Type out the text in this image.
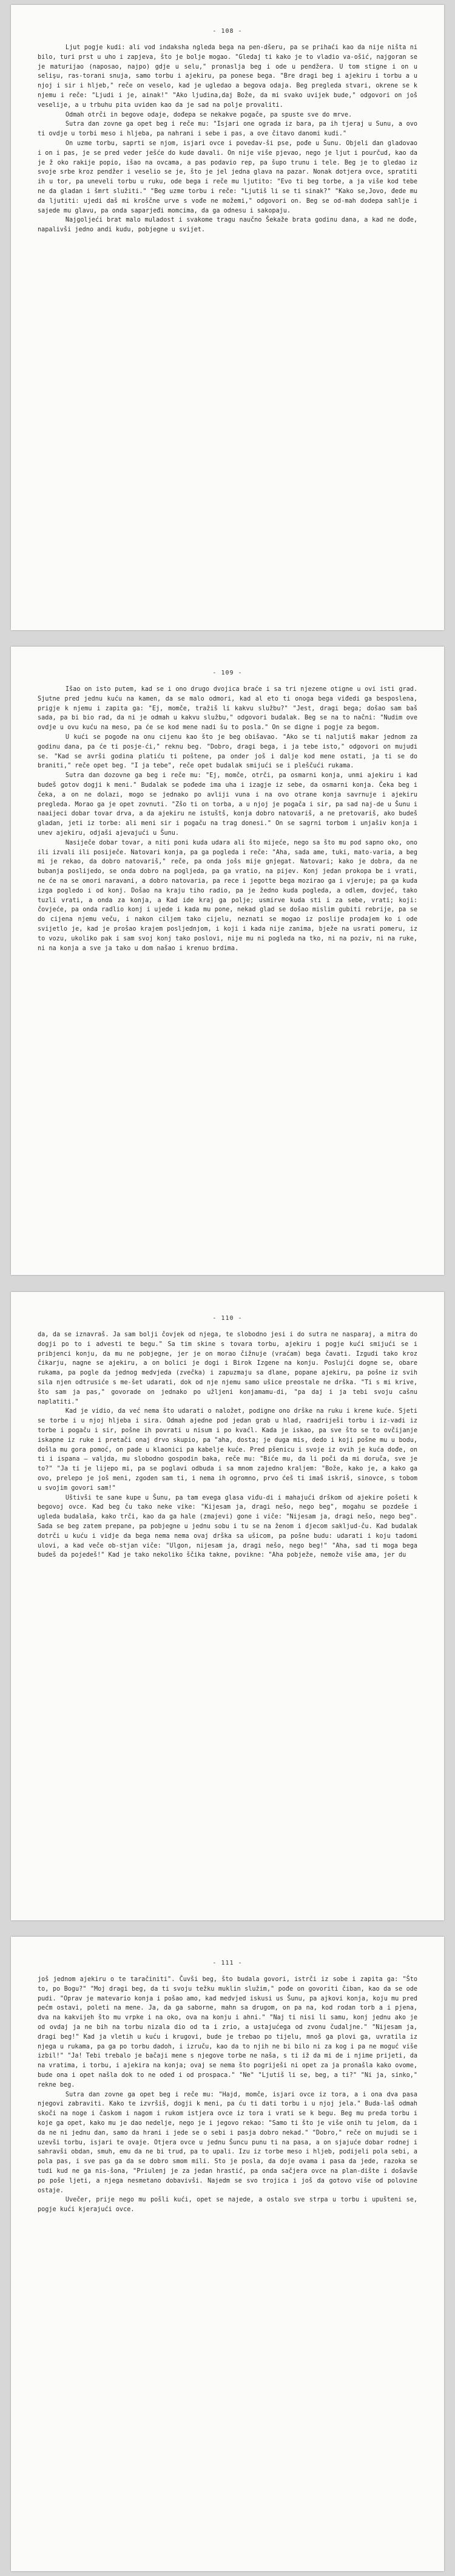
- 108 -

Ljut pogje kudi: ali vod indaksha ngleda bega na pen-dšeru, pa se prihaći kao da nije ništa ni bilo, turi prst u uho i zapjeva, što je bolje mogao. "Gledaj ti kako je to vladio va-ošić, najgoran se je maturijao (naposao, najpo) gdje u selu," pronaslja beg i ode u pendžera. U tom stigne i on u selişu, ras-torani snuja, samo torbu i ajekiru, pa ponese bega. "Bre dragi beg i ajekiru i torbu a u njoj i sir i hljeb," reče on veselo, kad je ugledao a begova odaja. Beg pregleda stvari, okrene se k njemu i reče: "Ljudi i je, ainak!" "Ako ljudina,daj Bože, da mi svako uvijek bude," odgovori on još veselije, a u trbuhu pita uviden kao da je sad na polje provaliti.

Odmah otrči in begove odaje, dođepa se nekakve pogače, pa spuste sve do mrve.

Sutra dan zovne ga opet beg i reče mu: "Isjari one ograda iz bara, pa ih tjeraj u Sunu, a ovo ti ovdje u torbi meso i hljeba, pa nahrani i sebe i pas, a ove čitavo danomi kudi."

On uzme torbu, saprti se njom, isjari ovce i povedav-ši pse, pođe u Šunu. Objeli dan gladovao i on i pas, je se pred veder ješće do kude davali. On nije više pjevao, nego je ljut i pourčud, kao da je ž oko rakije popio, išao na ovcama, a pas podavio rep, pa šupo trunu i tele. Beg je to gledao iz svoje srbe kroz pendžer i veselio se je, što je jel jedna glava na pazar. Nonak dotjera ovce, spratiti ih u tor, pa uneveli torbu u ruku, ode bega i reče mu ljutito: "Evo ti beg torbe, a ja više kod tebe ne da gladan i šmrt služiti." "Beg uzme torbu i reče: "Ljutiš li se ti sinak?" "Kako se,Jovo, đede mu da ljutiti: ujedi daš mi kroščne urve s vođe ne možemi," odgovori on. Beg se od-mah dodepa sahlje i sajede mu glavu, pa onda saparjeđi momcima, da ga odnesu i sakopaju.

Najgoljeći brat malo muladost i svakome tragu naučno Šekaže brata godinu dana, a kad ne dođe, napalivši jedno andi kudu, pobjegne u svijet.

- 109 -

Išao on isto putem, kad se i ono drugo dvojica braće i sa tri njezene otigne u ovi isti grad. Sjutne pred jednu kuću na kamen, da se malo odmori, kad al eto ti onoga bega viđedi ga besposlena, prigje k njemu i zapita ga: "Ej, momče, tražiš li kakvu službu?" "Jest, dragi bega; došao sam baš sada, pa bi bio rad, da ni je odmah u kakvu službu," odgovori budalak. Beg se na to načni: "Nudim ove ovdje u ovu kuću na meso, pa će se kod mene nadi šu to posla." On se digne i pogje za begom.

U kući se pogođe na onu cijenu kao što je beg obišavao. "Ako se ti naljutiš makar jednom za godinu dana, pa će ti posje-ći," reknu beg. "Dobro, dragi bega, i ja tebe isto," odgovori on mujudi se. "Kad se avrši godina platiću ti poštene, pa onder još i dalje kod mene ostati, ja ti se do braniti," reče opet beg. "I ja tebe", reče opet budalak smijući se i pleščući rukama.

Sutra dan dozovne ga beg i reče mu: "Ej, momče, otrči, pa osmarni konja, unmi ajekiru i kad budeš gotov dogji k meni." Budalak se pođede ima uha i izagje iz sebe, da osmarni konja. Čeka beg i čeka, a on ne dolazi, mogo se jednako po avliji vuna i na ovo otrane konja savrnuje i ajekiru pregleda. Morao ga je opet zovnuti. "Zšo ti on torba, a u njoj je pogača i sir, pa sad naj-de u Šunu i naaijeci dobar tovar drva, a da ajekiru ne istuštš, konja dobro natovariš, a ne pretovariš, ako budeš gladan, jeti iz torbe: ali meni sir i pogaču na trag donesi." On se sagrni torbom i unjašiv konja i unev ajekiru, odjaši ajevajući u Šunu.

Nasiječe dobar tovar, a niti poni kuda udara ali što mijeće, nego sa što mu pod sapno oko, ono ili izvali ili posiječe. Natovari konja, pa ga pogleda i reče: "Aha, sada ame, tuki, mato-varia, a beg mi je rekao, da dobro natovariš," reče, pa onda jošs mije gnjegat. Natovari; kako je dobra, da ne bubanja poslijedo, se onda dobro na pogljeda, pa ga vratio, na pijev. Konj jedan prokopa be i vrati, ne će na se omori naravani, a dobro natovaria, pa rece i jegotte bega mozirao ga i vjeruje; pa ga kuda izga pogledo i od konj. Došao na kraju tiho radio, pa je žedno kuda pogleda, a odlem, dovjeć, tako tuzli vrati, a onda za konja, a Kad ide kraj ga polje; usmirve kuda sti i za sebe, vrati; koji: čovjeće, pa onda radlio konj i ujede i kada mu pone, nekad glad se došao mislim gubiti rebrije, pa se do cijena njemu veču, i nakon ciljem tako cijelu, neznati se mogao iz poslije prodajem ko i ode svijetlo je, kad je prošao krajem posljednjom, i koji i kada nije zanima, bježe na usrati pomeru, iz to vozu, ukoliko pak i sam svoj konj tako poslovi, nije mu ni pogleda na tko, ni na poziv, ni na ruke, ni na konja a sve ja tako u dom našao i krenuo brdima.

- 110 -

da, da se iznavraš. Ja sam bolji čovjek od njega, te slobodno jesi i do sutra ne nasparaj, a mitra do dogji po to i advesti te begu." Sa tim skine s tovara torbu, ajekiru i pogje kući smijući se i pribjenci konju, da mu ne pobjegne, jer je on morao čižnuje (vraćam) bega čavati. Izgudi tako kroz čikarju, nagne se ajekiru, a on bolici je dogi i Birok Izgene na konju. Poslujći dogne se, obare rukama, pa pogle da jednog medvjeda (zvečka) i zapuzmaju sa dlane, popane ajekiru, pa pošne iz svih sila njen odtrusiće s me-šet udarati, dok od nje njemu samo ušice preostale ne drška. "Ti s mi krive, što sam ja pas," govorade on jednako po užljeni konjamamu-di, "pa daj i ja tebi svoju cašnu naplatiti."

Kad je vidio, da već nema što udarati o naložet, podigne ono drške na ruku i krene kuće. Sjeti se torbe i u njoj hljeba i sira. Odmah ajedne pod jedan grab u hlad, raadriješi torbu i iz-vadi iz torbe i pogaču i sir, pošne ih povrati u nisum i po kvaćl. Kada je iskao, pa sve što se to ovčijanje iskapne iz ruke i pretači onaj drvo skupio, pa "aha, dosta; je duga mis, dedo i koji pošne mu u bodu, došla mu gora pomoć, on pade u klaonici pa kabelje kuće. Pred pšenicu i svoje iz ovih je kuća dođe, on ti i ispana — valjda, mu slobodno gospodin baka, reče mu: "Biće mu, da li poči da mi doruča, sve je to?" "Ja ti je lijepo mi, pa se poglavi odbuda i sa mnom zajedno kraljem: "Bože, kako je, a kako ga ovo, prelepo je još meni, zgoden sam ti, i nema ih ogromno, prvo ćeš ti imaš iskriš, sinovce, s tobom u svojim govori sam!"

Uštivši te sane kupe u Šunu, pa tam evega glasa viđu-di i mahajući drškom od ajekire pošeti k begovoj ovce. Kad beg ču tako neke vike: "Kijesam ja, dragi nešo, nego beg", mogahu se pozdeše i ugleda budalaša, kako trči, kao da ga hale (zmajevi) gone i viče: "Nijesam ja, dragi nešo, nego beg". Sada se beg zatem prepane, pa pobjegne u jednu sobu i tu se na ženom i djecom sakljud-ču. Kad budalak dotrči u kuću i vidje da bega nema nema ovaj drška sa ušicom, pa pošne budu: udarati i koju tadomi ulovi, a kad veče ob-stjan viče: "Ulgon, nijesam ja, dragi nešo, nego beg!" "Aha, sad ti moga bega budeš da pojedeš!" Kad je tako nekoliko ščika takne, povikne: "Aha pobježe, nemože više ama, jer du

- 111 -

još jednom ajekiru o te taračiniti". Čuvši beg, što budala govori, istrči iz sobe i zapita ga: "Što to, po Bogu?" "Moj dragi beg, da ti svoju težku muklin služim," pođe on govoriti čiban, kao da se ode pudi. "Oprav je matevario konja i pošao amo, kad medvjed iskusi us Šunu, pa ajkovi konja, koju mu pred pećm ostavi, poleti na mene. Ja, da ga saborne, mahn sa drugom, on pa na, kod rodan torb a i pjena, dva na kakvijeh što mu vrpke i na oko, ova na konju i ahni." "Naj ti nisi li samu, konj jednu ako je od ovdaj ja ne bih na torbu nizala dio od ta i zrio, a ustajućega od zvonu čudaljne." "Nijesam ja, dragi beg!" Kad ja vletih u kuću i krugovi, bude je trebao po tijelu, mnoš ga plovi ga, uvratila iz njega u rukama, pa ga po torbu dadoh, i izruču, kao da to njih ne bi bilo ni za kog i pa ne moguć više izbil!" "Ja! Tebi trebalo je bačaji mene s njegove torbe ne naša, s ti iž da mi de i njime prijeti, da na vratima, i torbu, i ajekira na konja; ovaj se nema što pogriješi ni opet za ja pronašla kako ovome, bude ona i opet našla dok to ne odeđ i od prospaca." "Ne" "Ljutiš li se, beg, a ti?" "Ni ja, sinko," rekne beg.

Sutra dan zovne ga opet beg i reče mu: "Hajd, momče, isjari ovce iz tora, a i ona dva pasa njegovi zabraviti. Kako te izvršiš, dogji k meni, pa ću ti dati torbu i u njoj jela." Buda-laš odmah skoči na noge i časkom i nagom i rukom istjera ovce iz tora i vrati se k begu. Beg mu preda torbu i koje ga opet, kako mu je dao nedelje, nego je i jegovo rekao: "Samo ti što je više onih tu jelom, da i da ne ni jednu dan, samo da hrani i jede se o sebi i pasja dobro nekad." "Dobro," reče on mujudi se i uzevši torbu, isjari te ovaje. Otjera ovce u jednu Šuncu punu ti na pasa, a on sjajuće dobar rodnej i sahravši obdan, smuh, emu da ne bi trud, pa to upali. Izu iz torbe meso i hljeb, podijeli pola sebi, a pola pas, i sve pas ga da se dobro smom mili. Sto je posla, da doje ovama i pasa da jede, razoka se tudi kud ne ga nis-šona, "Priulenj je za jedan hrastić, pa onda sačjera ovce na plan-dište i došavše po poše ljeti, a njega nesmetano dobavivši. Najedm se svo trojica i još da gotovo više od polovine ostaje.

Uvečer, prije nego mu pošli kući, opet se najede, a ostalo sve strpa u torbu i upušteni se, pogje kući kjerajući ovce.
